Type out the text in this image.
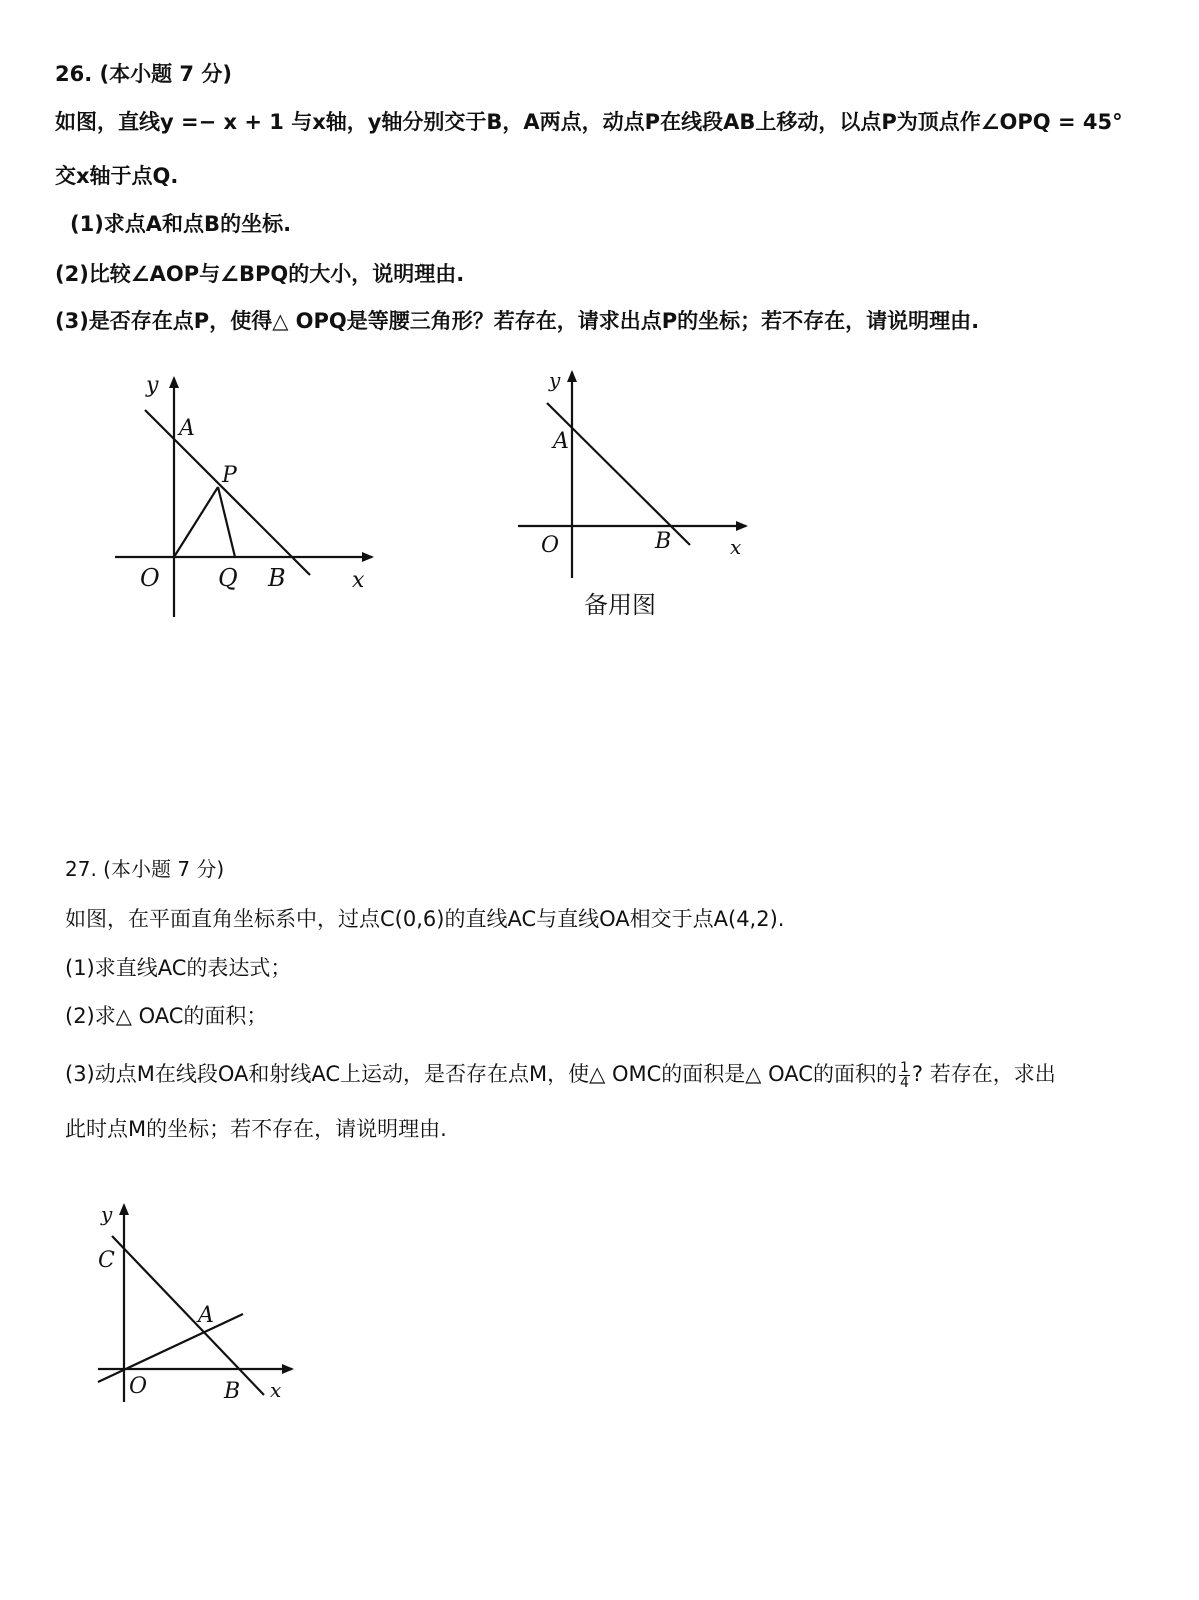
26. (本小题 7 分)
如图，直线y =− x + 1 与x轴，y轴分别交于B，A两点，动点P在线段AB上移动，以点P为顶点作∠OPQ = 45°
交x轴于点Q.
(1)求点A和点B的坐标.
(2)比较∠AOP与∠BPQ的大小，说明理由.
(3)是否存在点P，使得△ OPQ是等腰三角形？若存在，请求出点P的坐标；若不存在，请说明理由.
27. (本小题 7 分)
如图，在平面直角坐标系中，过点C(0,6)的直线AC与直线OA相交于点A(4,2).
(1)求直线AC的表达式；
(2)求△ OAC的面积；
(3)动点M在线段OA和射线AC上运动，是否存在点M，使△ OMC的面积是△ OAC的面积的 $\frac{1}{4}$ ? 若存在，求出
此时点M的坐标；若不存在，请说明理由.
y
A
P
O Q B	x
y
A
O	B	x
备用图
y
C
A
O	B x
